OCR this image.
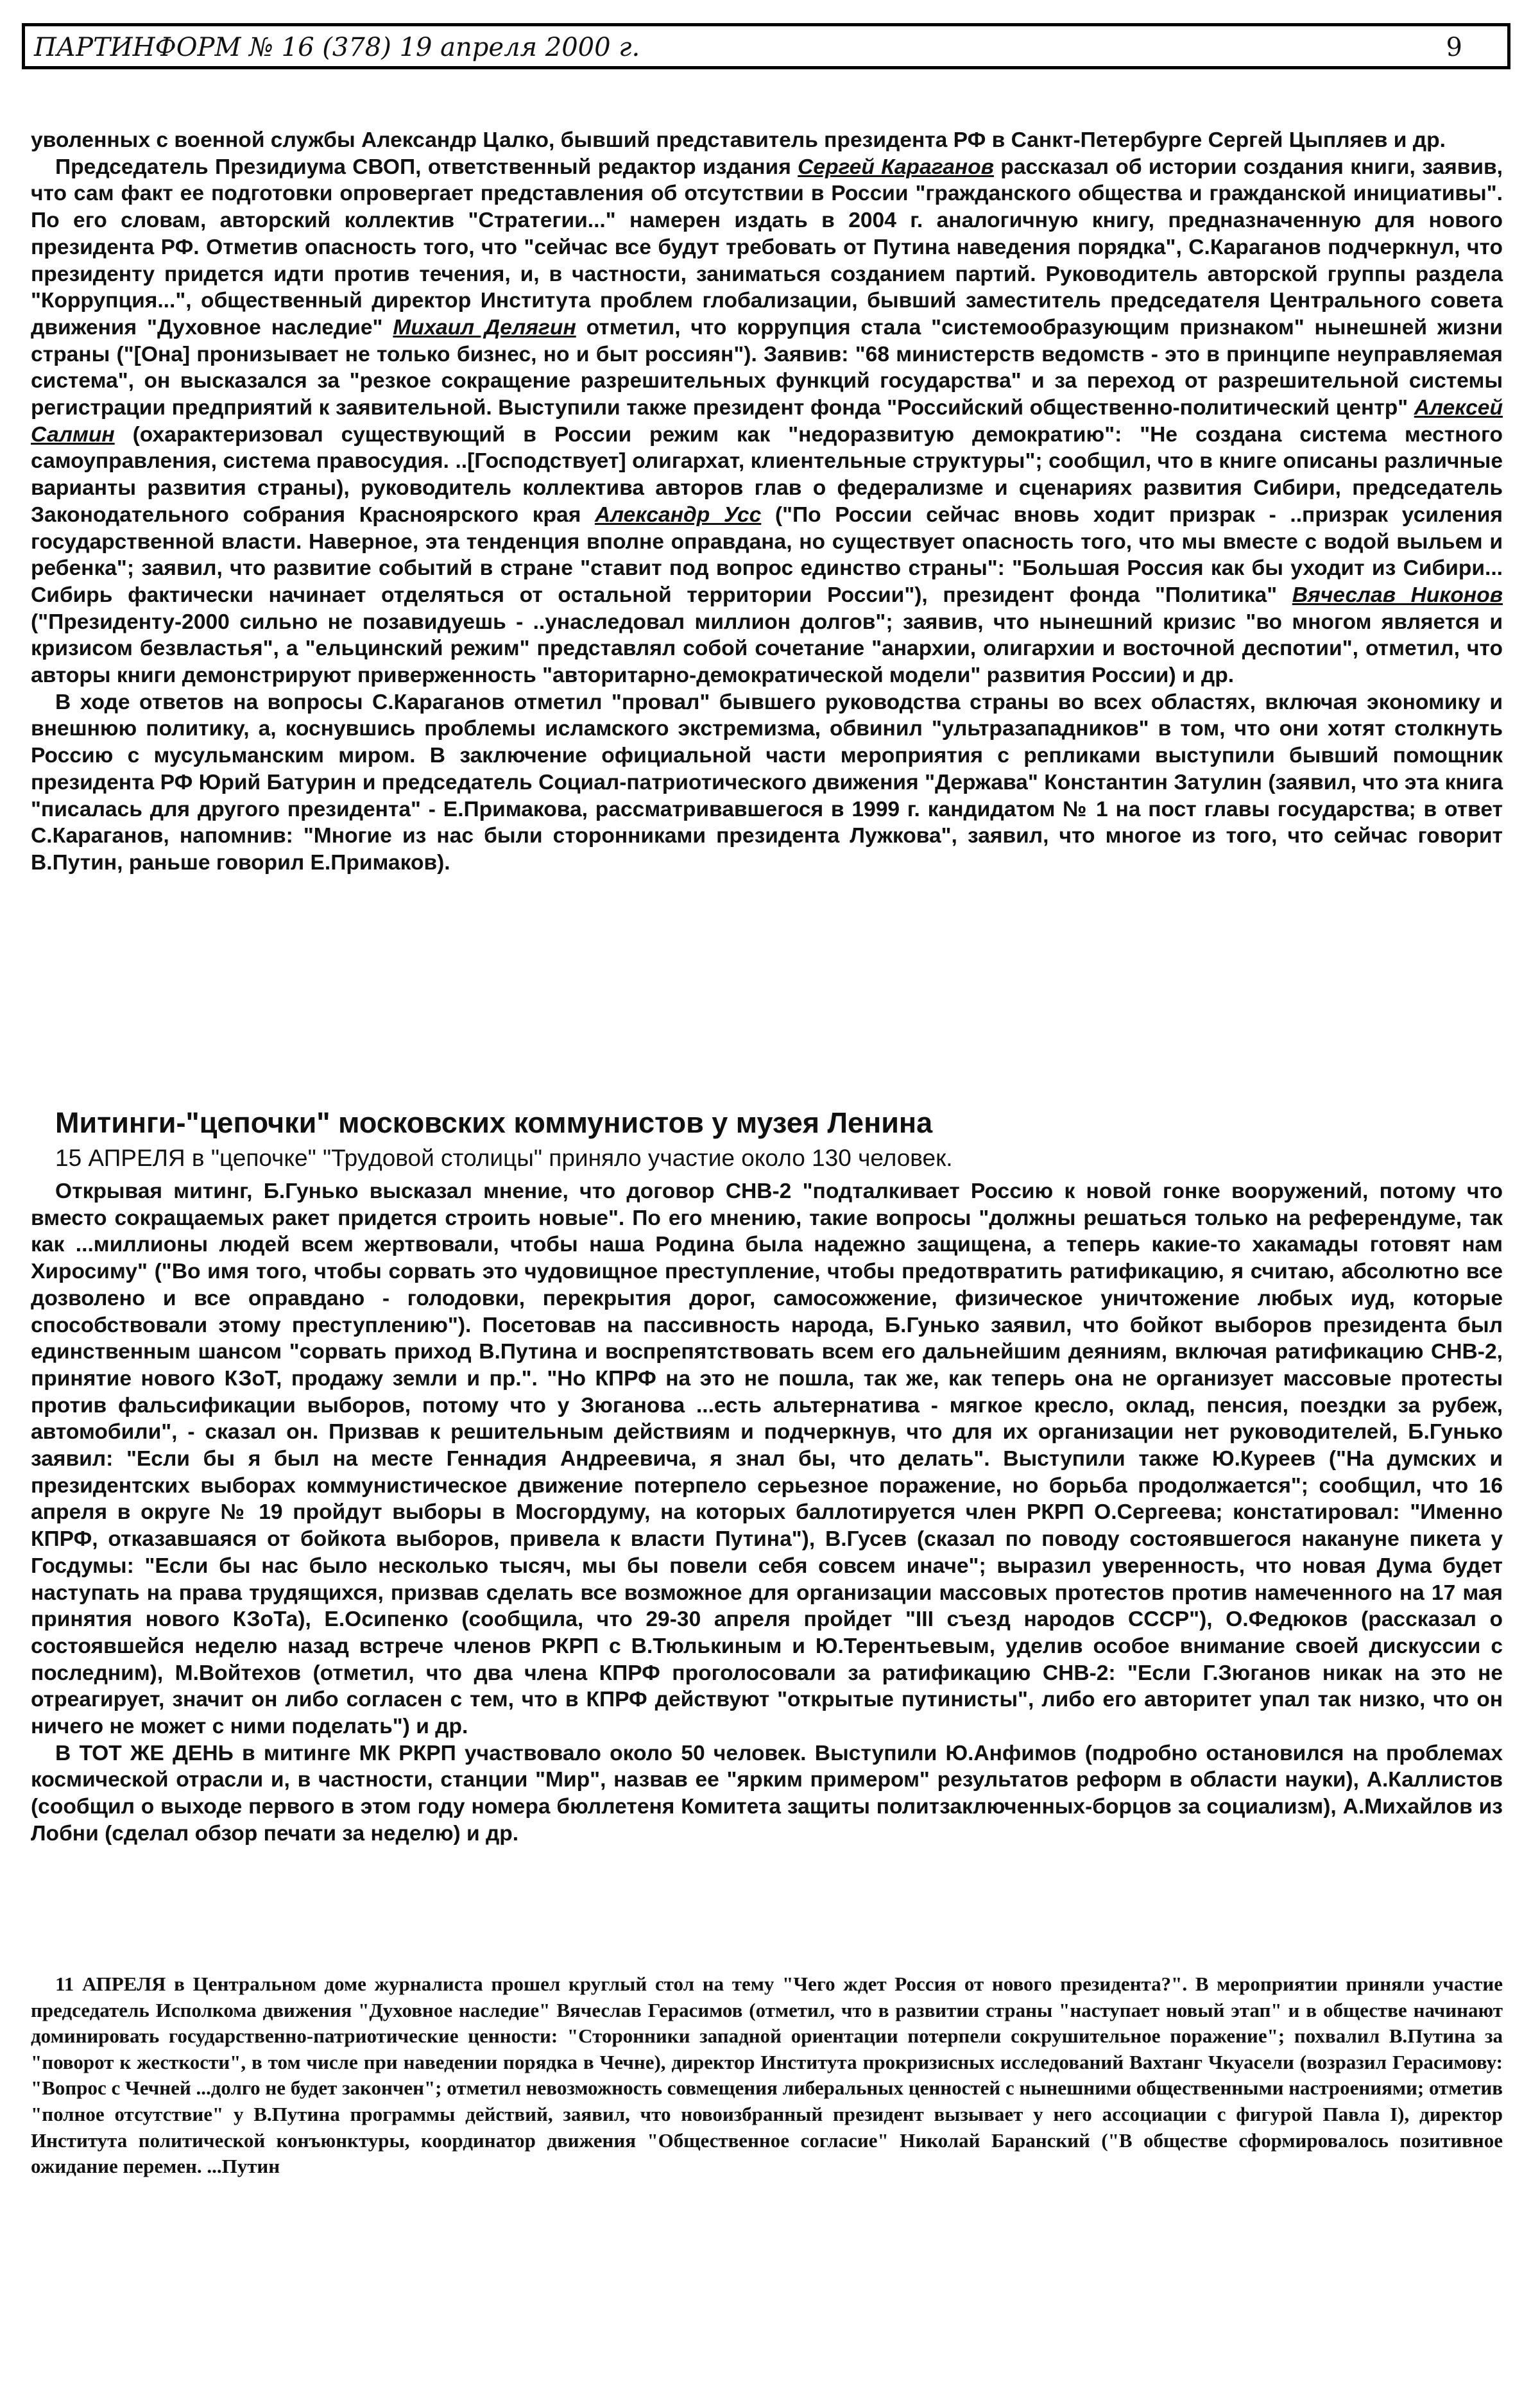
ПАРТИНФОРМ № 16 (378) 19 апреля 2000 г.	9

уволенных с военной службы Александр Цалко, бывший представитель президента РФ в Санкт-Петербурге Сергей Цыпляев и др.

Председатель Президиума СВОП, ответственный редактор издания Сергей Караганов рассказал об истории создания книги, заявив, что сам факт ее подготовки опровергает представления об отсутствии в России "гражданского общества и гражданской инициативы". По его словам, авторский коллектив "Стратегии..." намерен издать в 2004 г. аналогичную книгу, предназначенную для нового президента РФ. Отметив опасность того, что "сейчас все будут требовать от Путина наведения порядка", С.Караганов подчеркнул, что президенту придется идти против течения, и, в частности, заниматься созданием партий. Руководитель авторской группы раздела "Коррупция...", общественный директор Института проблем глобализации, бывший заместитель председателя Центрального совета движения "Духовное наследие" Михаил Делягин отметил, что коррупция стала "системообразующим признаком" нынешней жизни страны ("[Она] пронизывает не только бизнес, но и быт россиян"). Заявив: "68 министерств ведомств - это в принципе неуправляемая система", он высказался за "резкое сокращение разрешительных функций государства" и за переход от разрешительной системы регистрации предприятий к заявительной. Выступили также президент фонда "Российский общественно-политический центр" Алексей Салмин (охарактеризовал существующий в России режим как "недоразвитую демократию": "Не создана система местного самоуправления, система правосудия. ..[Господствует] олигархат, клиентельные структуры"; сообщил, что в книге описаны различные варианты развития страны), руководитель коллектива авторов глав о федерализме и сценариях развития Сибири, председатель Законодательного собрания Красноярского края Александр Усс ("По России сейчас вновь ходит призрак - ..призрак усиления государственной власти. Наверное, эта тенденция вполне оправдана, но существует опасность того, что мы вместе с водой выльем и ребенка"; заявил, что развитие событий в стране "ставит под вопрос единство страны": "Большая Россия как бы уходит из Сибири... Сибирь фактически начинает отделяться от остальной территории России"), президент фонда "Политика" Вячеслав Никонов ("Президенту-2000 сильно не позавидуешь - ..унаследовал миллион долгов"; заявив, что нынешний кризис "во многом является и кризисом безвластья", а "ельцинский режим" представлял собой сочетание "анархии, олигархии и восточной деспотии", отметил, что авторы книги демонстрируют приверженность "авторитарно-демократической модели" развития России) и др.

В ходе ответов на вопросы С.Караганов отметил "провал" бывшего руководства страны во всех областях, включая экономику и внешнюю политику, а, коснувшись проблемы исламского экстремизма, обвинил "ультразападников" в том, что они хотят столкнуть Россию с мусульманским миром. В заключение официальной части мероприятия с репликами выступили бывший помощник президента РФ Юрий Батурин и председатель Социал-патриотического движения "Держава" Константин Затулин (заявил, что эта книга "писалась для другого президента" - Е.Примакова, рассматривавшегося в 1999 г. кандидатом № 1 на пост главы государства; в ответ С.Караганов, напомнив: "Многие из нас были сторонниками президента Лужкова", заявил, что многое из того, что сейчас говорит В.Путин, раньше говорил Е.Примаков).

Митинги-"цепочки" московских коммунистов у музея Ленина
15 АПРЕЛЯ в "цепочке" "Трудовой столицы" приняло участие около 130 человек.

Открывая митинг, Б.Гунько высказал мнение, что договор СНВ-2 "подталкивает Россию к новой гонке вооружений, потому что вместо сокращаемых ракет придется строить новые". По его мнению, такие вопросы "должны решаться только на референдуме, так как ...миллионы людей всем жертвовали, чтобы наша Родина была надежно защищена, а теперь какие-то хакамады готовят нам Хиросиму" ("Во имя того, чтобы сорвать это чудовищное преступление, чтобы предотвратить ратификацию, я считаю, абсолютно все дозволено и все оправдано - голодовки, перекрытия дорог, самосожжение, физическое уничтожение любых иуд, которые способствовали этому преступлению"). Посетовав на пассивность народа, Б.Гунько заявил, что бойкот выборов президента был единственным шансом "сорвать приход В.Путина и воспрепятствовать всем его дальнейшим деяниям, включая ратификацию СНВ-2, принятие нового КЗоТ, продажу земли и пр.". "Но КПРФ на это не пошла, так же, как теперь она не организует массовые протесты против фальсификации выборов, потому что у Зюганова ...есть альтернатива - мягкое кресло, оклад, пенсия, поездки за рубеж, автомобили", - сказал он. Призвав к решительным действиям и подчеркнув, что для их организации нет руководителей, Б.Гунько заявил: "Если бы я был на месте Геннадия Андреевича, я знал бы, что делать". Выступили также Ю.Куреев ("На думских и президентских выборах коммунистическое движение потерпело серьезное поражение, но борьба продолжается"; сообщил, что 16 апреля в округе № 19 пройдут выборы в Мосгордуму, на которых баллотируется член РКРП О.Сергеева; констатировал: "Именно КПРФ, отказавшаяся от бойкота выборов, привела к власти Путина"), В.Гусев (сказал по поводу состоявшегося накануне пикета у Госдумы: "Если бы нас было несколько тысяч, мы бы повели себя совсем иначе"; выразил уверенность, что новая Дума будет наступать на права трудящихся, призвав сделать все возможное для организации массовых протестов против намеченного на 17 мая принятия нового КЗоТа), Е.Осипенко (сообщила, что 29-30 апреля пройдет "III съезд народов СССР"), О.Федюков (рассказал о состоявшейся неделю назад встрече членов РКРП с В.Тюлькиным и Ю.Терентьевым, уделив особое внимание своей дискуссии с последним), М.Войтехов (отметил, что два члена КПРФ проголосовали за ратификацию СНВ-2: "Если Г.Зюганов никак на это не отреагирует, значит он либо согласен с тем, что в КПРФ действуют "открытые путинисты", либо его авторитет упал так низко, что он ничего не может с ними поделать") и др.

В ТОТ ЖЕ ДЕНЬ в митинге МК РКРП участвовало около 50 человек. Выступили Ю.Анфимов (подробно остановился на проблемах космической отрасли и, в частности, станции "Мир", назвав ее "ярким примером" результатов реформ в области науки), А.Каллистов (сообщил о выходе первого в этом году номера бюллетеня Комитета защиты политзаключенных-борцов за социализм), А.Михайлов из Лобни (сделал обзор печати за неделю) и др.

11 АПРЕЛЯ в Центральном доме журналиста прошел круглый стол на тему "Чего ждет Россия от нового президента?". В мероприятии приняли участие председатель Исполкома движения "Духовное наследие" Вячеслав Герасимов (отметил, что в развитии страны "наступает новый этап" и в обществе начинают доминировать государственно-патриотические ценности: "Сторонники западной ориентации потерпели сокрушительное поражение"; похвалил В.Путина за "поворот к жесткости", в том числе при наведении порядка в Чечне), директор Института прокризисных исследований Вахтанг Чкуасели (возразил Герасимову: "Вопрос с Чечней ...долго не будет закончен"; отметил невозможность совмещения либеральных ценностей с нынешними общественными настроениями; отметив "полное отсутствие" у В.Путина программы действий, заявил, что новоизбранный президент вызывает у него ассоциации с фигурой Павла I), директор Института политической конъюнктуры, координатор движения "Общественное согласие" Николай Баранский ("В обществе сформировалось позитивное ожидание перемен. ...Путин
